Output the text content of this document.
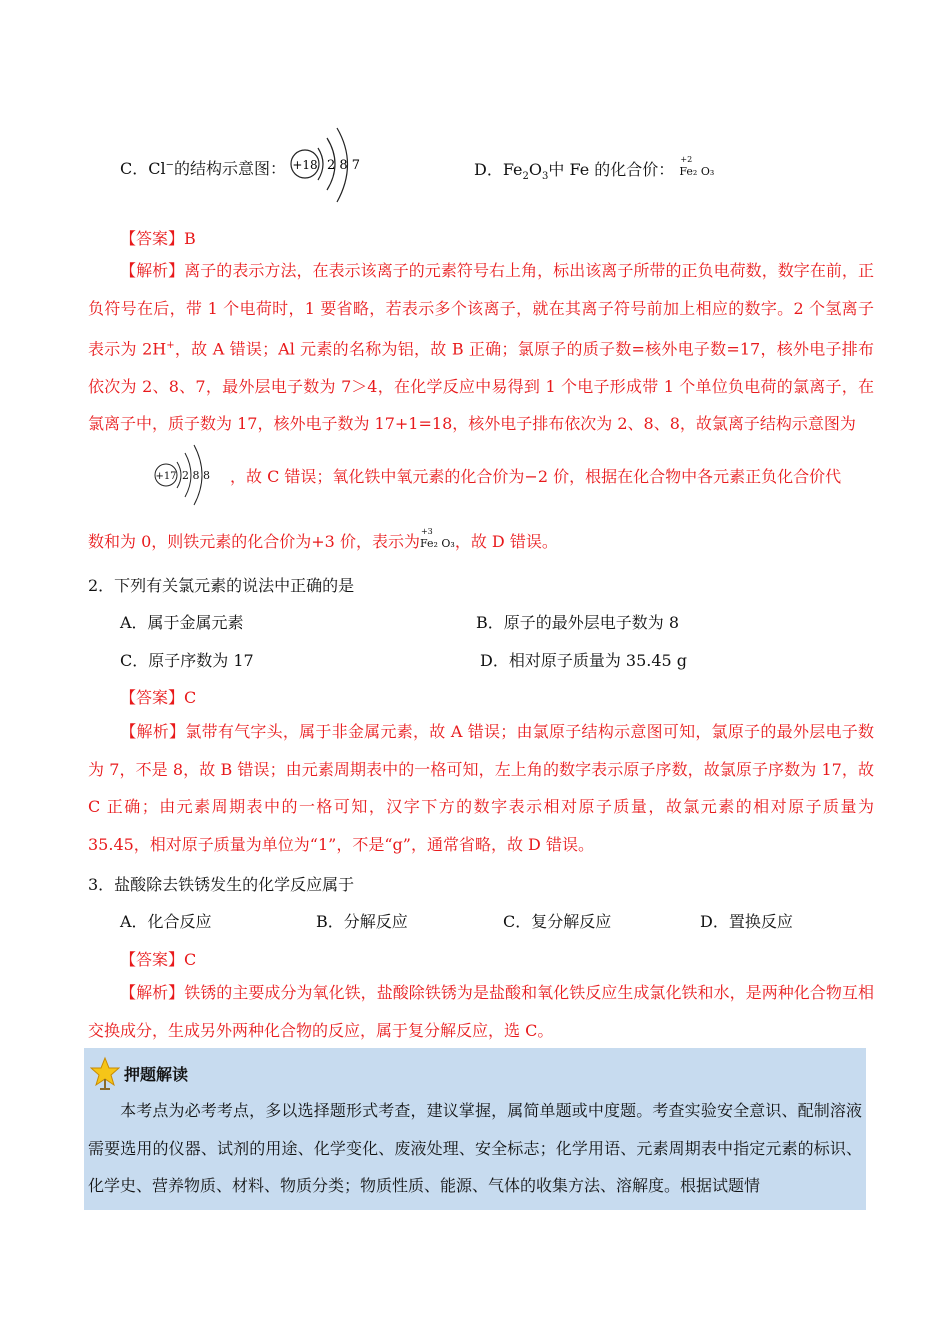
C．Cl−的结构示意图： +18 2 8 7	D．$Fe_2O_3$中 Fe 的化合价：
+2
Fe₂ O₃
【答案】B
【解析】离子的表示方法，在表示该离子的元素符号右上角，标出该离子所带的正负电荷数，数字在前，正负符号在后，带 1 个电荷时，1 要省略，若表示多个该离子，就在其离子符号前加上相应的数字。2 个氢离子表示为 2H+，故 A 错误；Al 元素的名称为铝，故 B 正确；氯原子的质子数=核外电子数=17，核外电子排布依次为 2、8、7，最外层电子数为 7＞4，在化学反应中易得到 1 个电子形成带 1 个单位负电荷的氯离子，在氯离子中，质子数为 17，核外电子数为 17+1=18，核外电子排布依次为 2、8、8，故氯离子结构示意图为
+17 2 8 8 ，故 C 错误；氧化铁中氧元素的化合价为−2 价，根据在化合物中各元素正负化合价代
数和为 0，则铁元素的化合价为+3 价，表示为
+3
Fe₂ O₃，故 D 错误。
2．下列有关氯元素的说法中正确的是
A．属于金属元素	B．原子的最外层电子数为 8
C．原子序数为 17	D．相对原子质量为 35.45 g
【答案】C
【解析】氯带有气字头，属于非金属元素，故 A 错误；由氯原子结构示意图可知，氯原子的最外层电子数为 7，不是 8，故 B 错误；由元素周期表中的一格可知，左上角的数字表示原子序数，故氯原子序数为 17，故 C 正确；由元素周期表中的一格可知，汉字下方的数字表示相对原子质量，故氯元素的相对原子质量为 35.45，相对原子质量为单位为“1”，不是“g”，通常省略，故 D 错误。
3．盐酸除去铁锈发生的化学反应属于
A．化合反应	B．分解反应	C．复分解反应	D．置换反应
【答案】C
【解析】铁锈的主要成分为氧化铁，盐酸除铁锈为是盐酸和氧化铁反应生成氯化铁和水，是两种化合物互相交换成分，生成另外两种化合物的反应，属于复分解反应，选 C。
押题解读
本考点为必考考点，多以选择题形式考查，建议掌握，属简单题或中度题。考查实验安全意识、配制溶液需要选用的仪器、试剂的用途、化学变化、废液处理、安全标志；化学用语、元素周期表中指定元素的标识、化学史、营养物质、材料、物质分类；物质性质、能源、气体的收集方法、溶解度。根据试题情
